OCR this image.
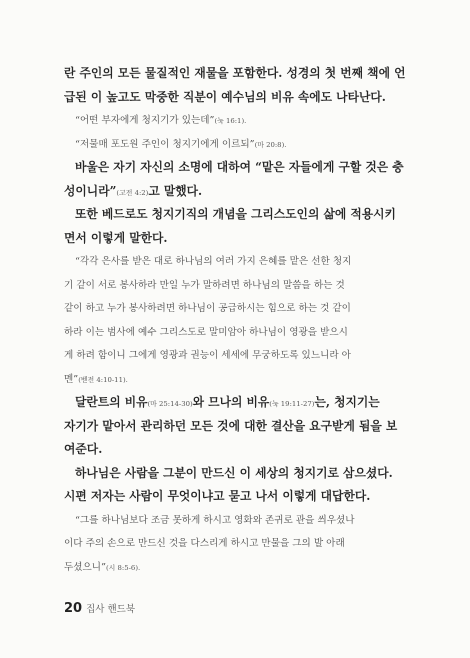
란 주인의 모든 물질적인 재물을 포함한다. 성경의 첫 번째 책에 언
급된 이 높고도 막중한 직분이 예수님의 비유 속에도 나타난다.
“어떤 부자에게 청지기가 있는데”(눅 16:1).
“저물매 포도원 주인이 청지기에게 이르되”(마 20:8).
바울은 자기 자신의 소명에 대하여 “맡은 자들에게 구할 것은 충
성이니라”(고전 4:2)고 말했다.
또한 베드로도 청지기직의 개념을 그리스도인의 삶에 적용시키
면서 이렇게 말한다.
“각각 은사를 받은 대로 하나님의 여러 가지 은혜를 맡은 선한 청지
기 같이 서로 봉사하라 만일 누가 말하려면 하나님의 말씀을 하는 것
같이 하고 누가 봉사하려면 하나님이 공급하시는 힘으로 하는 것 같이
하라 이는 범사에 예수 그리스도로 말미암아 하나님이 영광을 받으시
게 하려 함이니 그에게 영광과 권능이 세세에 무궁하도록 있느니라 아
멘”(벧전 4:10-11).
달란트의 비유(마 25:14-30)와 므나의 비유(눅 19:11-27)는, 청지기는
자기가 맡아서 관리하던 모든 것에 대한 결산을 요구받게 됨을 보
여준다.
하나님은 사람을 그분이 만드신 이 세상의 청지기로 삼으셨다.
시편 저자는 사람이 무엇이냐고 묻고 나서 이렇게 대답한다.
“그를 하나님보다 조금 못하게 하시고 영화와 존귀로 관을 씌우셨나
이다 주의 손으로 만드신 것을 다스리게 하시고 만물을 그의 발 아래
두셨으니”(시 8:5-6).
20 집사 핸드북
